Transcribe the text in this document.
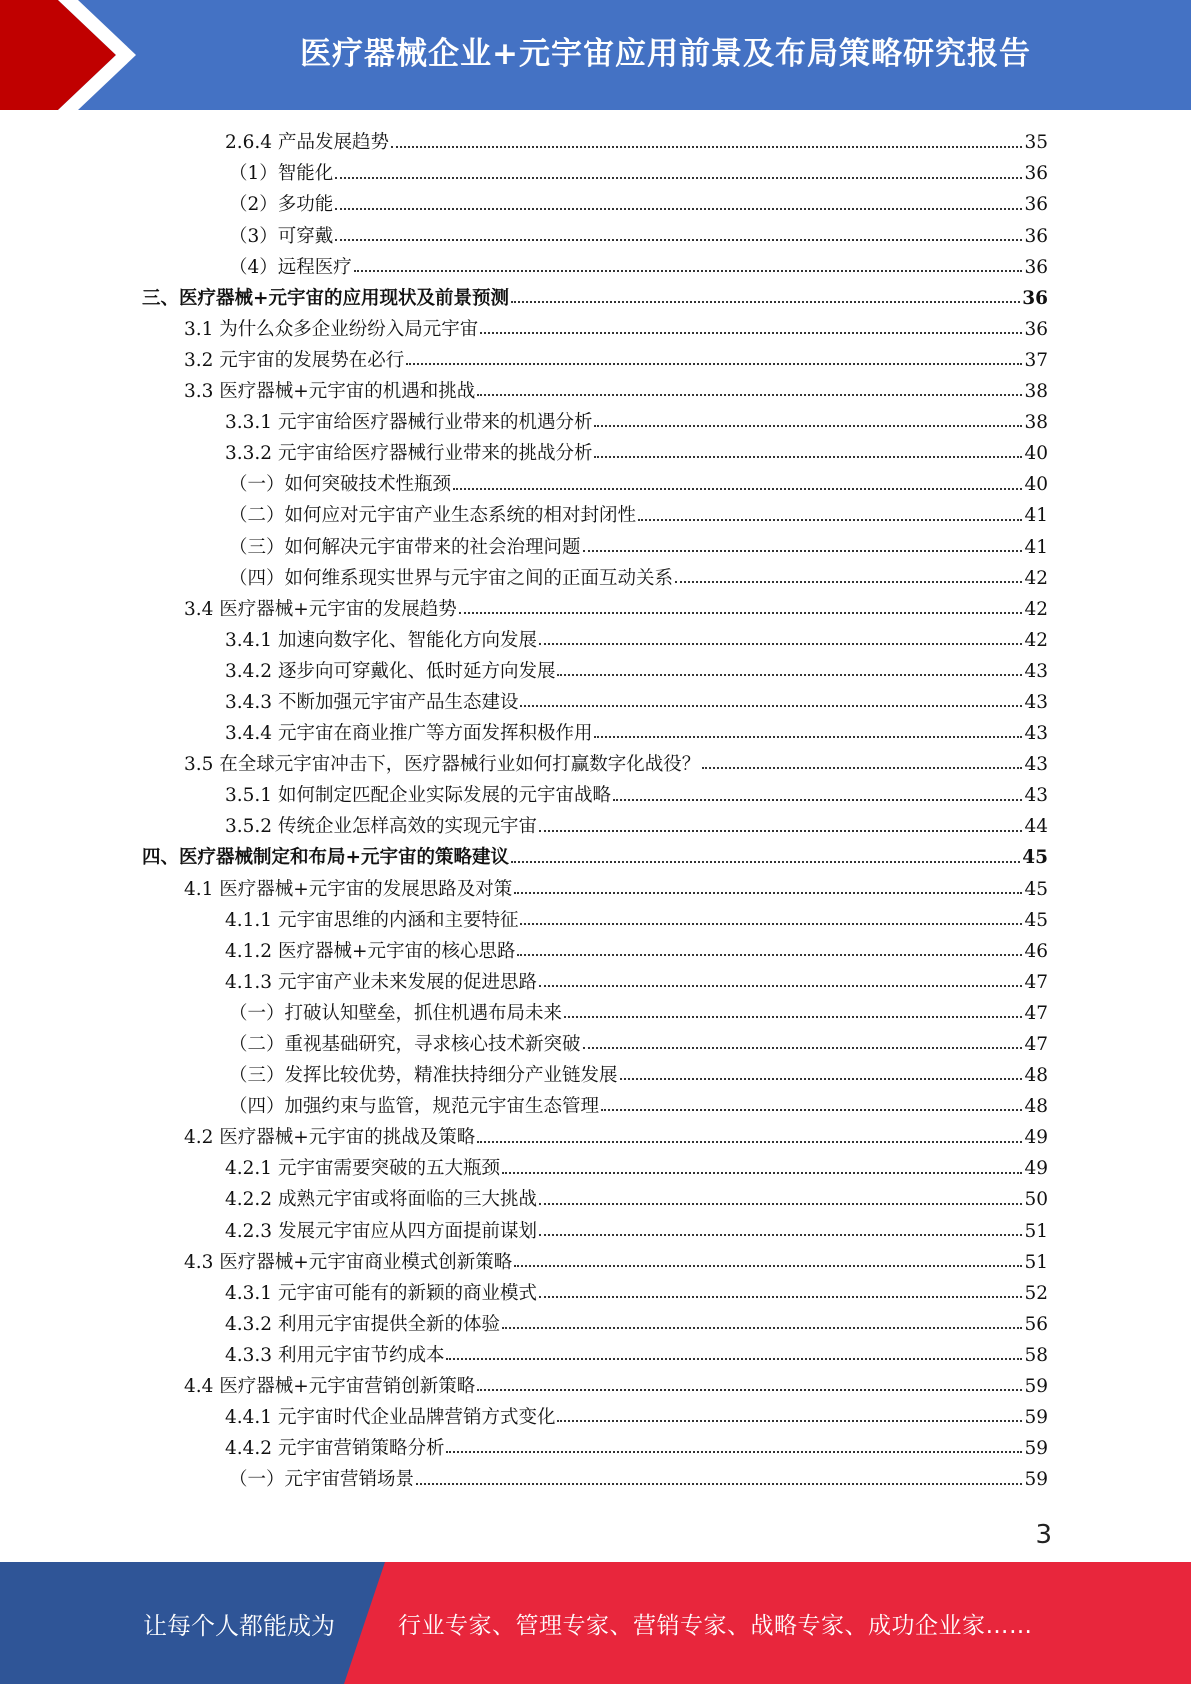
医疗器械企业+元宇宙应用前景及布局策略研究报告
2.6.4 产品发展趋势	35
（1）智能化	36
（2）多功能	36
（3）可穿戴	36
（4）远程医疗	36
三、医疗器械+元宇宙的应用现状及前景预测	36
3.1 为什么众多企业纷纷入局元宇宙	36
3.2 元宇宙的发展势在必行	37
3.3 医疗器械+元宇宙的机遇和挑战	38
3.3.1 元宇宙给医疗器械行业带来的机遇分析	38
3.3.2 元宇宙给医疗器械行业带来的挑战分析	40
（一）如何突破技术性瓶颈	40
（二）如何应对元宇宙产业生态系统的相对封闭性	41
（三）如何解决元宇宙带来的社会治理问题	41
（四）如何维系现实世界与元宇宙之间的正面互动关系	42
3.4 医疗器械+元宇宙的发展趋势	42
3.4.1 加速向数字化、智能化方向发展	42
3.4.2 逐步向可穿戴化、低时延方向发展	43
3.4.3 不断加强元宇宙产品生态建设	43
3.4.4 元宇宙在商业推广等方面发挥积极作用	43
3.5 在全球元宇宙冲击下，医疗器械行业如何打赢数字化战役？	43
3.5.1 如何制定匹配企业实际发展的元宇宙战略	43
3.5.2 传统企业怎样高效的实现元宇宙	44
四、医疗器械制定和布局+元宇宙的策略建议	45
4.1 医疗器械+元宇宙的发展思路及对策	45
4.1.1 元宇宙思维的内涵和主要特征	45
4.1.2 医疗器械+元宇宙的核心思路	46
4.1.3 元宇宙产业未来发展的促进思路	47
（一）打破认知壁垒，抓住机遇布局未来	47
（二）重视基础研究，寻求核心技术新突破	47
（三）发挥比较优势，精准扶持细分产业链发展	48
（四）加强约束与监管，规范元宇宙生态管理	48
4.2 医疗器械+元宇宙的挑战及策略	49
4.2.1 元宇宙需要突破的五大瓶颈	49
4.2.2 成熟元宇宙或将面临的三大挑战	50
4.2.3 发展元宇宙应从四方面提前谋划	51
4.3 医疗器械+元宇宙商业模式创新策略	51
4.3.1 元宇宙可能有的新颖的商业模式	52
4.3.2 利用元宇宙提供全新的体验	56
4.3.3 利用元宇宙节约成本	58
4.4 医疗器械+元宇宙营销创新策略	59
4.4.1 元宇宙时代企业品牌营销方式变化	59
4.4.2 元宇宙营销策略分析	59
（一）元宇宙营销场景	59
3
让每个人都能成为	行业专家、管理专家、营销专家、战略专家、成功企业家……
